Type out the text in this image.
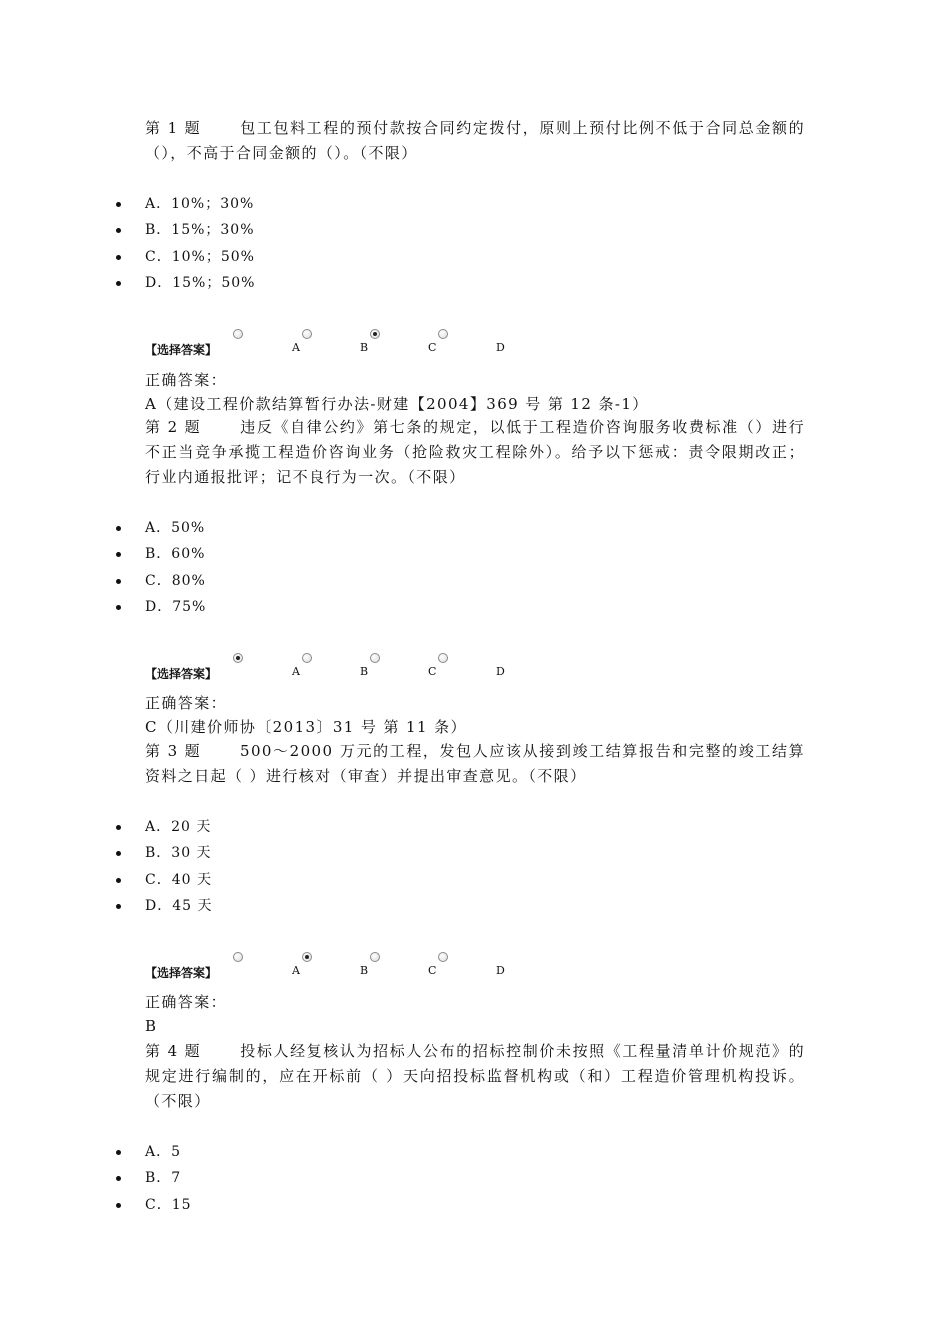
第 1 题	包工包料工程的预付款按合同约定拨付，原则上预付比例不低于合同总金额的（），不高于合同金额的（）。（不限）

A．10%；30%
B．15%；30%
C．10%；50%
D．15%；50%
【选择答案】	A	B	C	D
正确答案：
A（建设工程价款结算暂行办法-财建【2004】369 号 第 12 条-1）

第 2 题	违反《自律公约》第七条的规定，以低于工程造价咨询服务收费标准（）进行不正当竞争承揽工程造价咨询业务（抢险救灾工程除外）。给予以下惩戒：责令限期改正；行业内通报批评；记不良行为一次。（不限）

A．50%
B．60%
C．80%
D．75%
【选择答案】	A	B	C	D
正确答案：
C（川建价师协〔2013〕31 号 第 11 条）

第 3 题	500～2000 万元的工程，发包人应该从接到竣工结算报告和完整的竣工结算资料之日起（ ）进行核对（审查）并提出审查意见。（不限）

A．20 天
B．30 天
C．40 天
D．45 天
【选择答案】	A	B	C	D
正确答案：
B

第 4 题	投标人经复核认为招标人公布的招标控制价未按照《工程量清单计价规范》的规定进行编制的，应在开标前（ ）天向招投标监督机构或（和）工程造价管理机构投诉。（不限）

A．5
B．7
C．15
